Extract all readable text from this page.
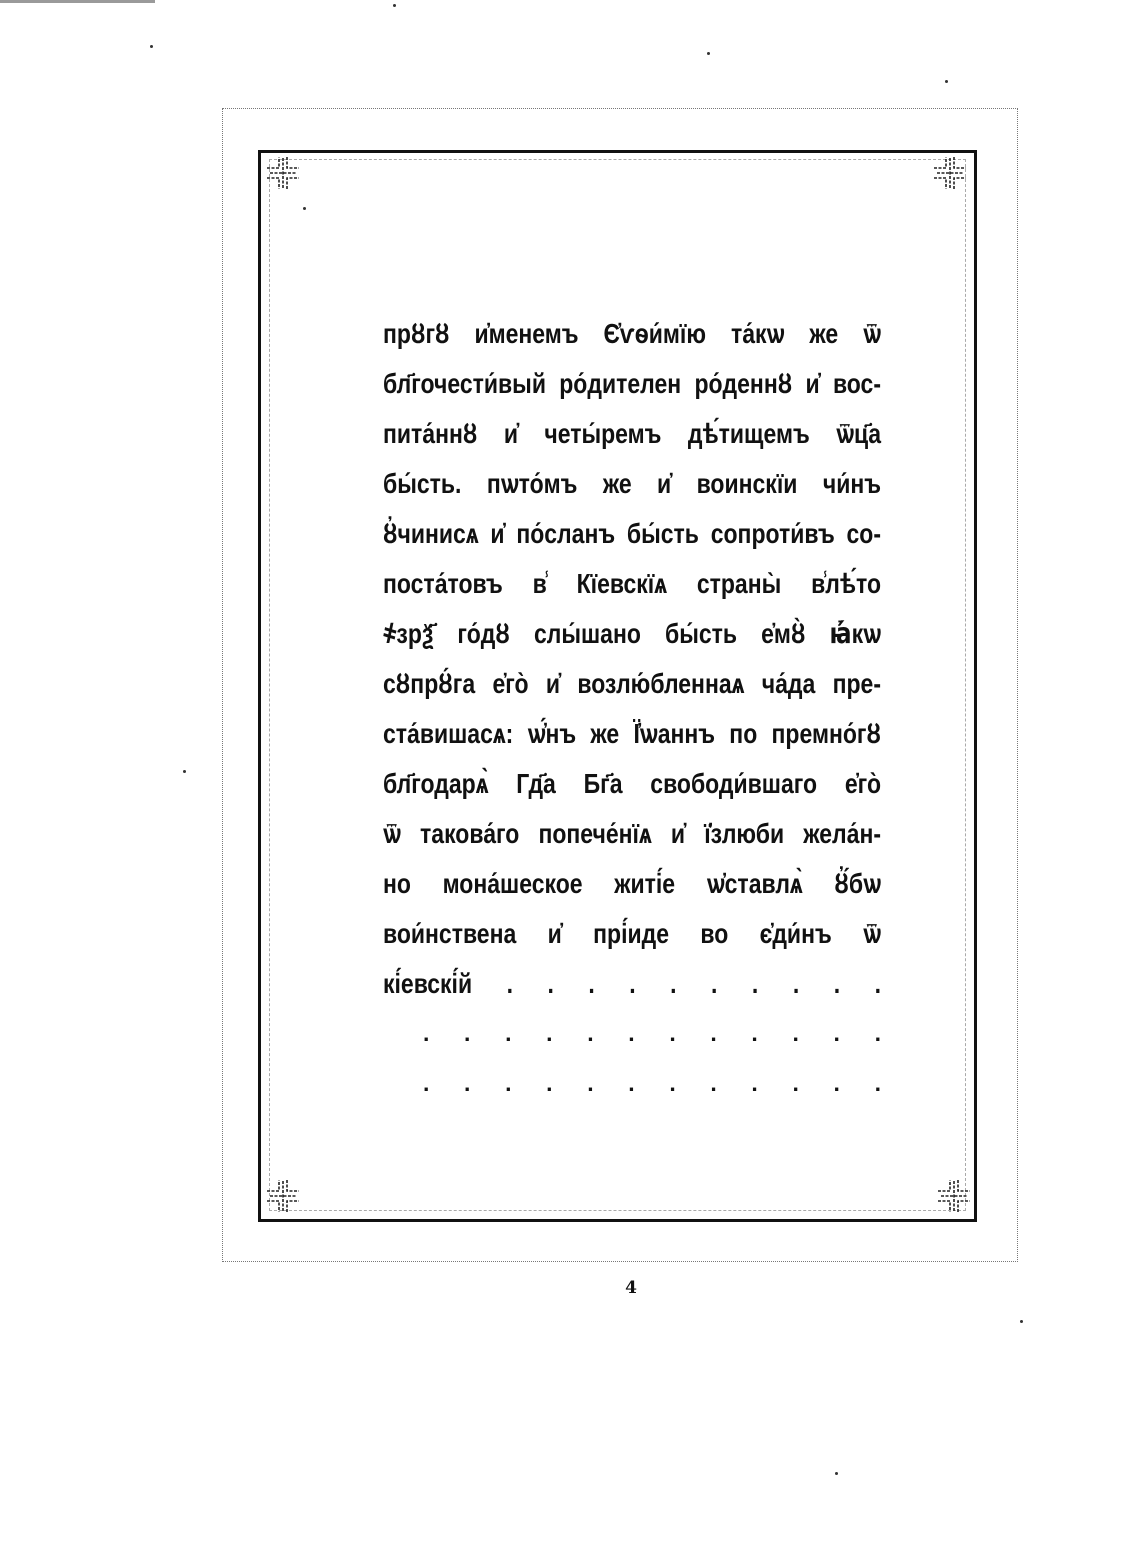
прȣгȣ и҆менемъ Є҆ѵѳи́мїю та́кѡ же ѿ
бл҃гочести́вый ро́дителен ро́деннȣ и҆ вос-
пита́ннȣ и҆ четы́ремъ дѣ́тищемъ ѿц҃а
бы́сть. пѡто́мъ же и҆ воинскїи чи́нъ
ȣ҆чинисѧ и҆ по́сланъ бы́сть сопроти́въ со-
поста́товъ в̾ Кїевскїѧ страны̀ в̾лѣ́то
҂зрѯ҃ го́дȣ слы́шано бы́сть е҆мȣ̀ ꙗ҆́кѡ
сȣпрȣ́га е҆го̀ и҆ возлю́бленнаѧ ча́да пре-
ста́вишасѧ: ѡ҆́нъ же Ї҆ѡаннъ по премно́гȣ
бл҃годарѧ̀ Гд҃а Бг҃а свободи́вшаго е҆го̀
ѿ такова́го попече́нїѧ и҆ ї҆злюби жела́н-
но мона́шеское житі́е ѡ҆ставлѧ̀ ȣ҆́бѡ
вои́нствена и҆ прі́иде во є҆ди́нъ ѿ
кі́евскі́й . . . . . . . . . .
. . . . . . . . . . . .
. . . . . . . . . . . .
4
